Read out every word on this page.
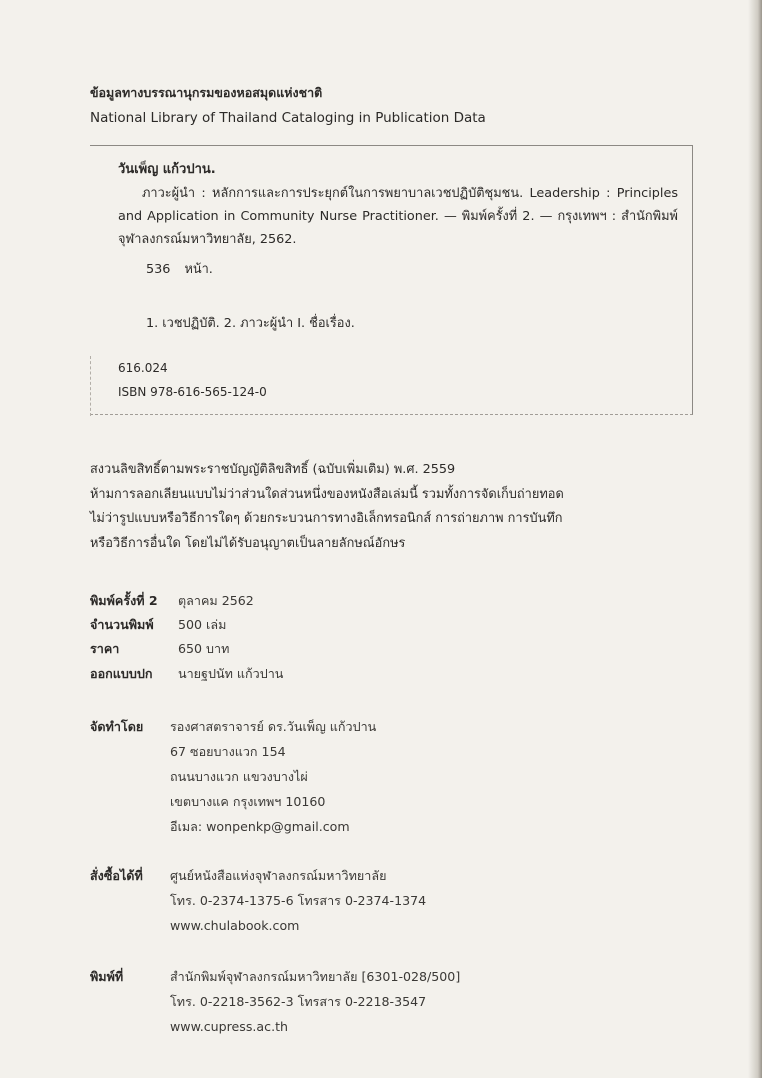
ข้อมูลทางบรรณานุกรมของหอสมุดแห่งชาติ
National Library of Thailand Cataloging in Publication Data
วันเพ็ญ แก้วปาน.
ภาวะผู้นำ : หลักการและการประยุกต์ในการพยาบาลเวชปฏิบัติชุมชน. Leadership : Principles and Application in Community Nurse Practitioner. — พิมพ์ครั้งที่ 2. — กรุงเทพฯ : สำนักพิมพ์จุฬาลงกรณ์มหาวิทยาลัย, 2562.
536 หน้า.
1. เวชปฏิบัติ. 2. ภาวะผู้นำ I. ชื่อเรื่อง.
616.024
ISBN 978-616-565-124-0
สงวนลิขสิทธิ์ตามพระราชบัญญัติลิขสิทธิ์ (ฉบับเพิ่มเติม) พ.ศ. 2559
ห้ามการลอกเลียนแบบไม่ว่าส่วนใดส่วนหนึ่งของหนังสือเล่มนี้ รวมทั้งการจัดเก็บถ่ายทอด
ไม่ว่ารูปแบบหรือวิธีการใดๆ ด้วยกระบวนการทางอิเล็กทรอนิกส์ การถ่ายภาพ การบันทึก
หรือวิธีการอื่นใด โดยไม่ได้รับอนุญาตเป็นลายลักษณ์อักษร
พิมพ์ครั้งที่ 2	ตุลาคม 2562
จำนวนพิมพ์	500 เล่ม
ราคา	650 บาท
ออกแบบปก	นายฐปนัท แก้วปาน
จัดทำโดย รองศาสตราจารย์ ดร.วันเพ็ญ แก้วปาน
67 ซอยบางแวก 154
ถนนบางแวก แขวงบางไผ่
เขตบางแค กรุงเทพฯ 10160
อีเมล: wonpenkp@gmail.com
สั่งซื้อได้ที่ ศูนย์หนังสือแห่งจุฬาลงกรณ์มหาวิทยาลัย
โทร. 0-2374-1375-6 โทรสาร 0-2374-1374
www.chulabook.com
พิมพ์ที่	สำนักพิมพ์จุฬาลงกรณ์มหาวิทยาลัย [6301-028/500]
โทร. 0-2218-3562-3 โทรสาร 0-2218-3547
www.cupress.ac.th
